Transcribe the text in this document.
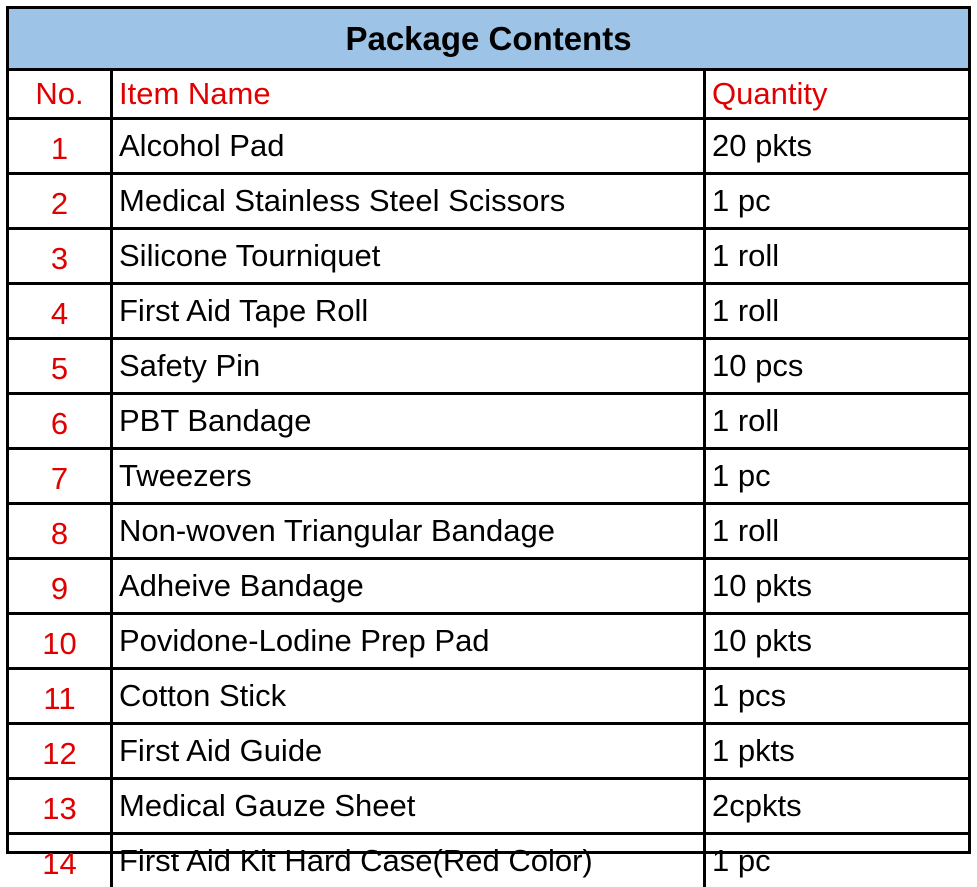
Package Contents
No.	Item Name	Quantity
1	Alcohol Pad	20 pkts
2	Medical Stainless Steel Scissors	1 pc
3	Silicone Tourniquet	1 roll
4	First Aid Tape Roll	1 roll
5	Safety Pin	10 pcs
6	PBT Bandage	1 roll
7	Tweezers	1 pc
8	Non-woven Triangular Bandage	1 roll
9	Adheive Bandage	10 pkts
10	Povidone-Lodine Prep Pad	10 pkts
11	Cotton Stick	1 pcs
12	First Aid Guide	1 pkts
13	Medical Gauze Sheet	2cpkts
14	First Aid Kit Hard Case(Red Color)	1 pc
